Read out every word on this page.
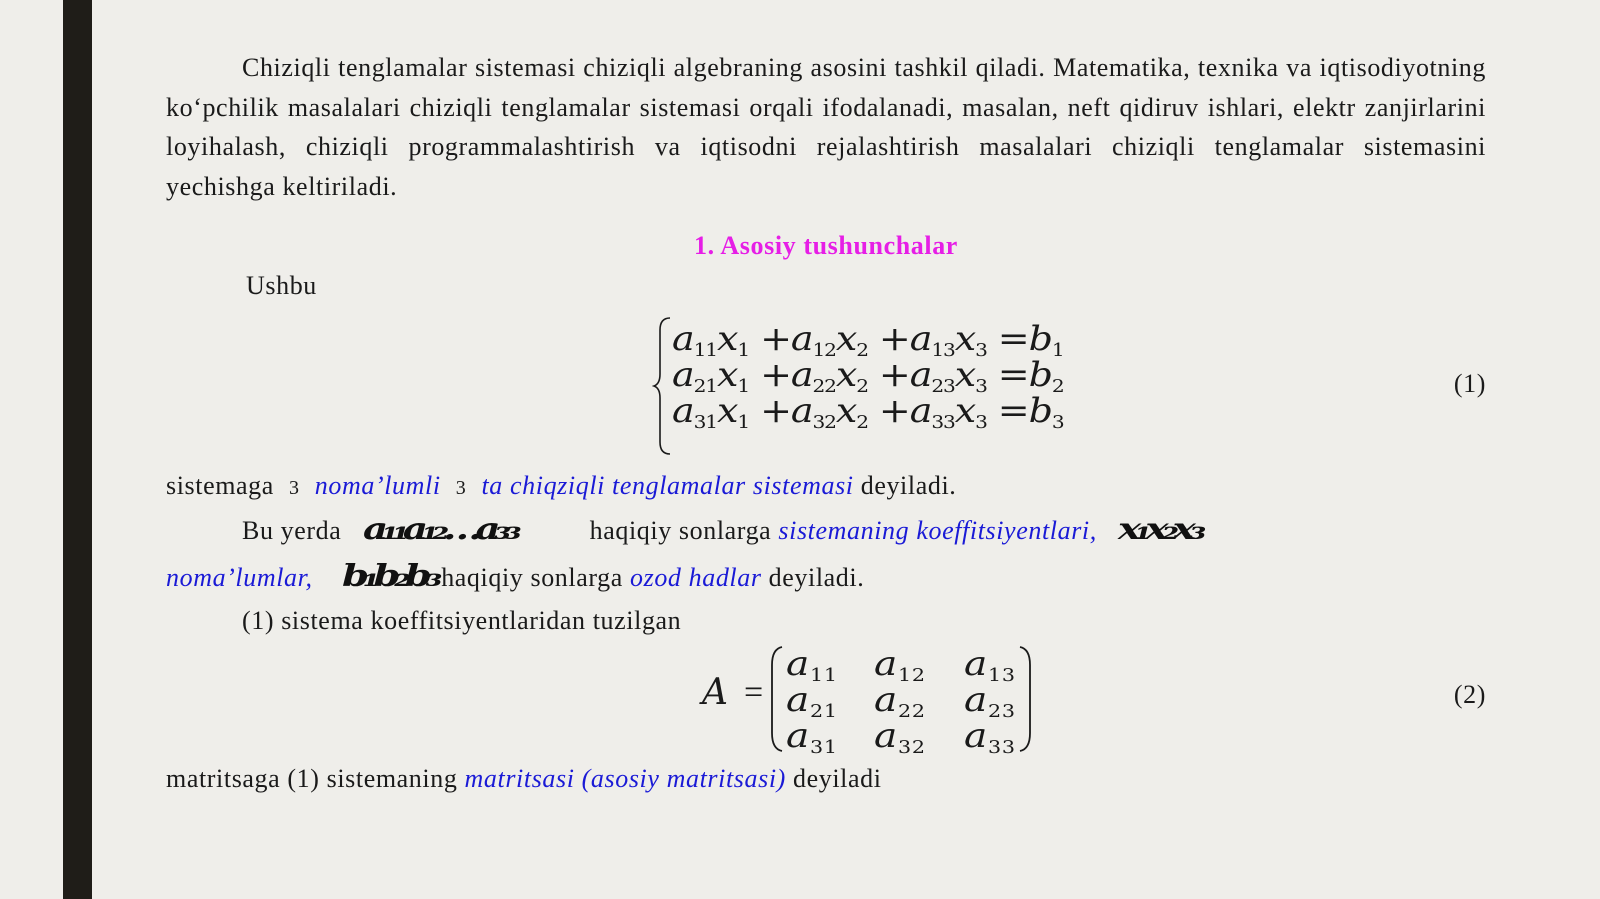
Chiziqli tenglamalar sistemasi chiziqli algebraning asosini tashkil qiladi. Matematika, texnika va iqtisodiyotning ko‘pchilik masalalari chiziqli tenglamalar sistemasi orqali ifodalanadi, masalan, neft qidiruv ishlari, elektr zanjirlarini loyihalash, chiziqli programmalashtirish va iqtisodni rejalashtirish masalalari chiziqli tenglamalar sistemasini yechishga keltiriladi.

1. Asosiy tushunchalar

Ushbu

$a_{11}x_1 +a_{12}x_2 +a_{13}x_3 =b_1$
$a_{21}x_1 +a_{22}x_2 +a_{23}x_3 =b_2$
$a_{31}x_1 +a_{32}x_2 +a_{33}x_3 =b_3$
(1)

sistemaga 3 noma’lumli 3 ta chiqziqli tenglamalar sistemasi deyiladi.

Bu yerda a₁₁a₁₂…a₃₃	haqiqiy sonlarga sistemaning koeffitsiyentlari, x₁x₂x₃

noma’lumlar, b₁b₂b₃ haqiqiy sonlarga ozod hadlar deyiladi.

(1) sistema koeffitsiyentlaridan tuzilgan

A =
$a_{11}$ $a_{12}$ $a_{13}$
$a_{21}$ $a_{22}$ $a_{23}$
$a_{31}$ $a_{32}$ $a_{33}$
(2)

matritsaga (1) sistemaning matritsasi (asosiy matritsasi) deyiladi
